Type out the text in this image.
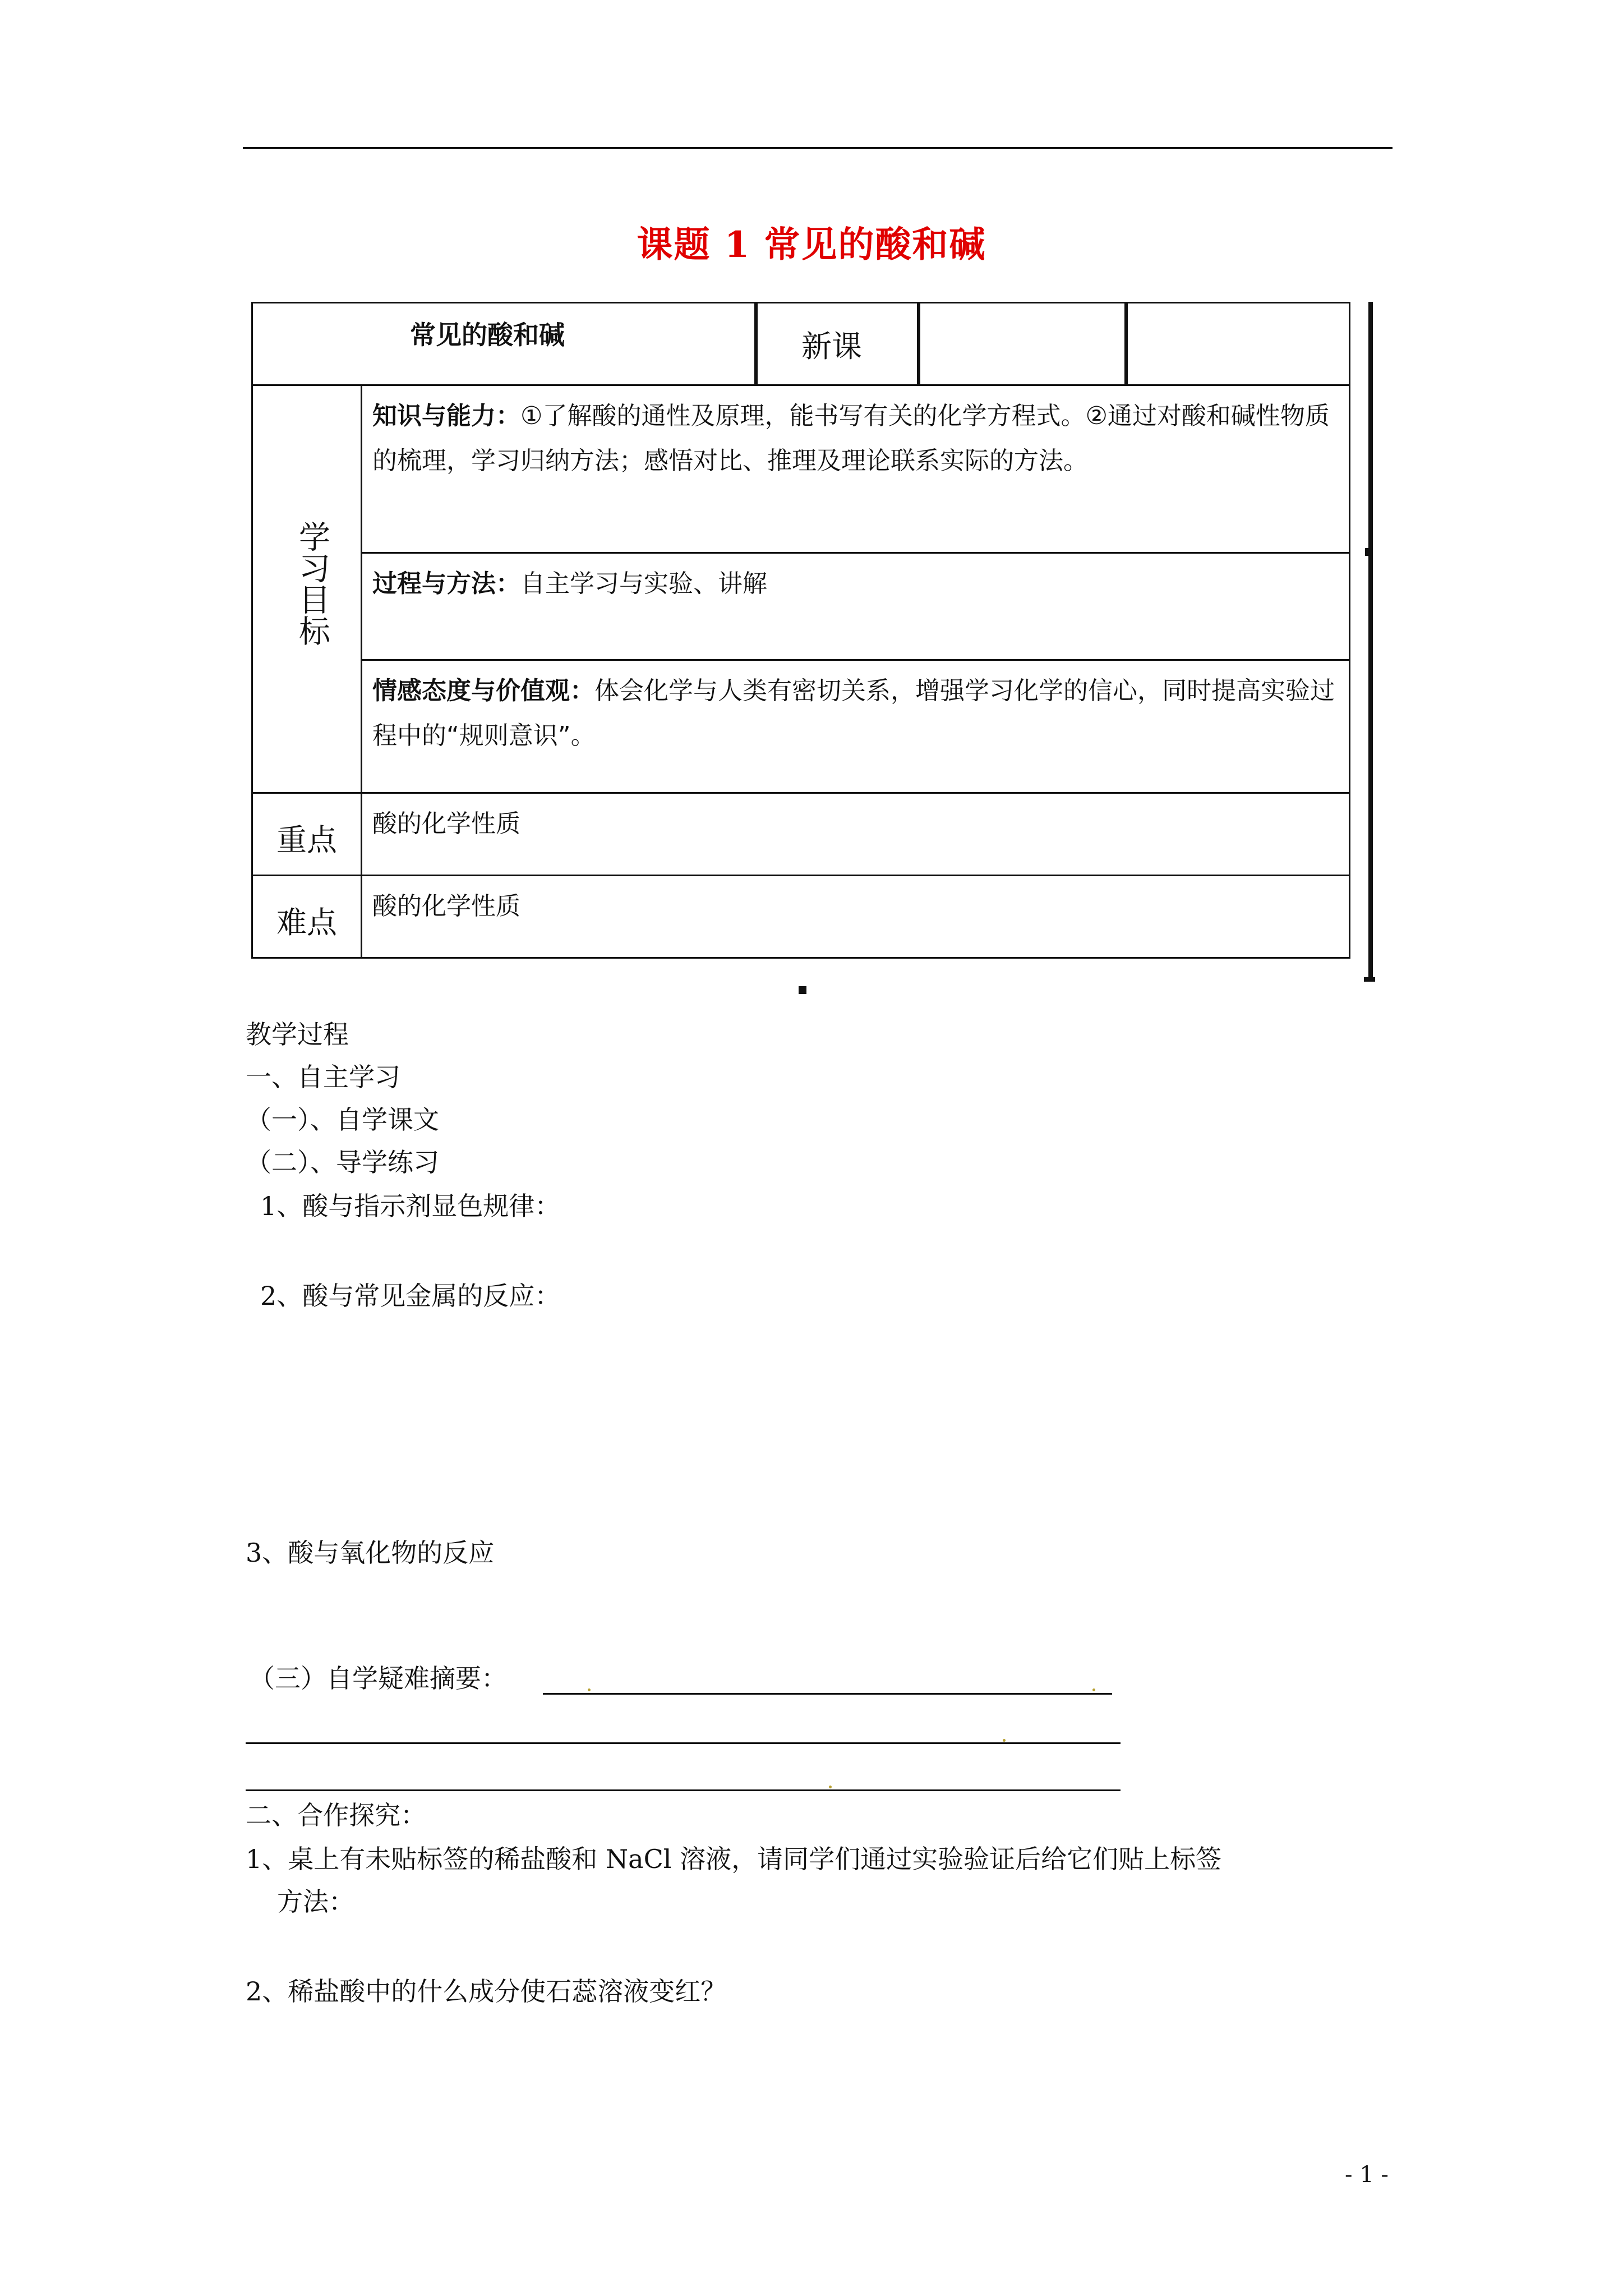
课题 1 常见的酸和碱
常见的酸和碱	新课
学习目标
知识与能力：①了解酸的通性及原理，能书写有关的化学方程式。②通过对酸和碱性物质的梳理，学习归纳方法；感悟对比、推理及理论联系实际的方法。
过程与方法：自主学习与实验、讲解
情感态度与价值观：体会化学与人类有密切关系，增强学习化学的信心，同时提高实验过程中的“规则意识”。
重点	酸的化学性质
难点	酸的化学性质
教学过程
一、自主学习
（一）、自学课文
（二）、导学练习
1、酸与指示剂显色规律：
2、酸与常见金属的反应：
3、酸与氧化物的反应
（三）自学疑难摘要：
二、合作探究：
1、桌上有未贴标签的稀盐酸和 NaCl 溶液，请同学们通过实验验证后给它们贴上标签
方法：
2、稀盐酸中的什么成分使石蕊溶液变红？
- 1 -
